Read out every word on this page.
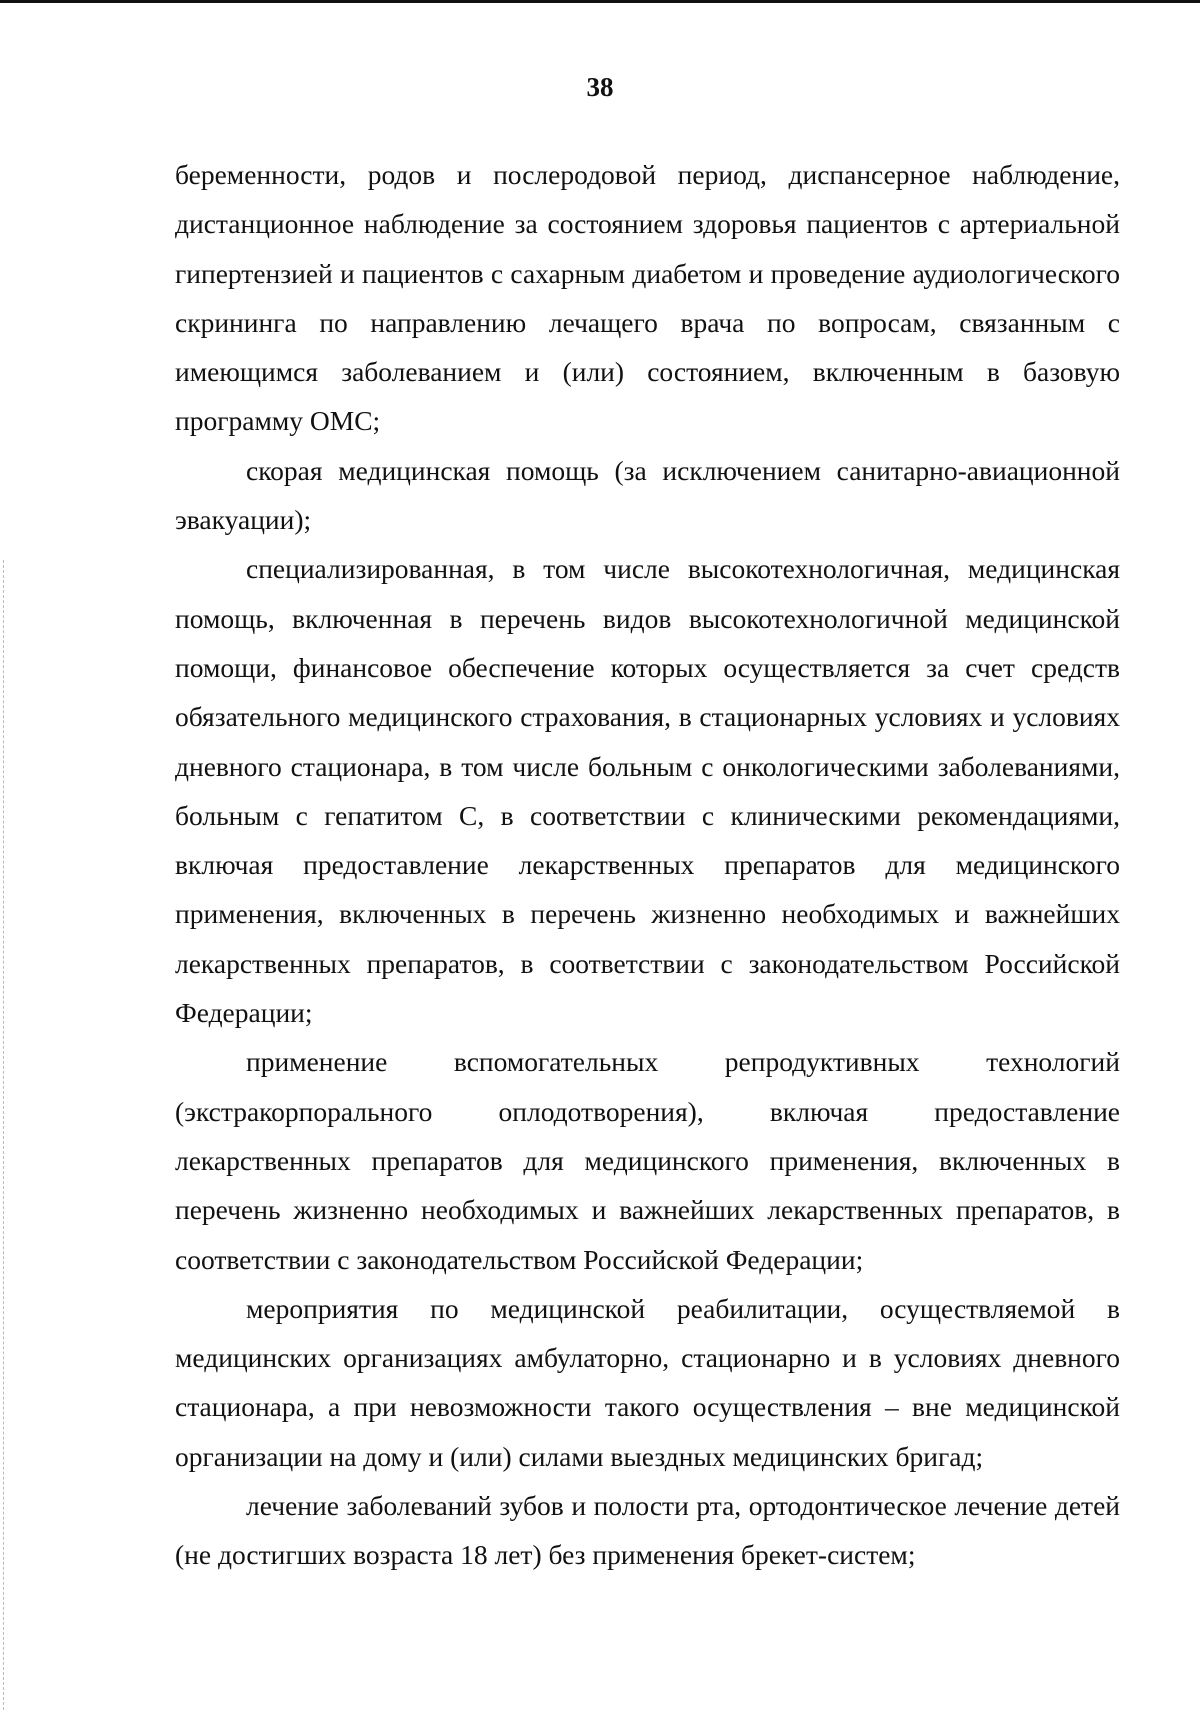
38

беременности, родов и послеродовой период, диспансерное наблюдение, дистанционное наблюдение за состоянием здоровья пациентов с артериальной гипертензией и пациентов с сахарным диабетом и проведение аудиологического скрининга по направлению лечащего врача по вопросам, связанным с имеющимся заболеванием и (или) состоянием, включенным в базовую программу ОМС;

скорая медицинская помощь (за исключением санитарно-авиационной эвакуации);

специализированная, в том числе высокотехнологичная, медицинская помощь, включенная в перечень видов высокотехнологичной медицинской помощи, финансовое обеспечение которых осуществляется за счет средств обязательного медицинского страхования, в стационарных условиях и условиях дневного стационара, в том числе больным с онкологическими заболеваниями, больным с гепатитом С, в соответствии с клиническими рекомендациями, включая предоставление лекарственных препаратов для медицинского применения, включенных в перечень жизненно необходимых и важнейших лекарственных препаратов, в соответствии с законодательством Российской Федерации;

применение вспомогательных репродуктивных технологий (экстракорпорального оплодотворения), включая предоставление лекарственных препаратов для медицинского применения, включенных в перечень жизненно необходимых и важнейших лекарственных препаратов, в соответствии с законодательством Российской Федерации;

мероприятия по медицинской реабилитации, осуществляемой в медицинских организациях амбулаторно, стационарно и в условиях дневного стационара, а при невозможности такого осуществления – вне медицинской организации на дому и (или) силами выездных медицинских бригад;

лечение заболеваний зубов и полости рта, ортодонтическое лечение детей (не достигших возраста 18 лет) без применения брекет-систем;
